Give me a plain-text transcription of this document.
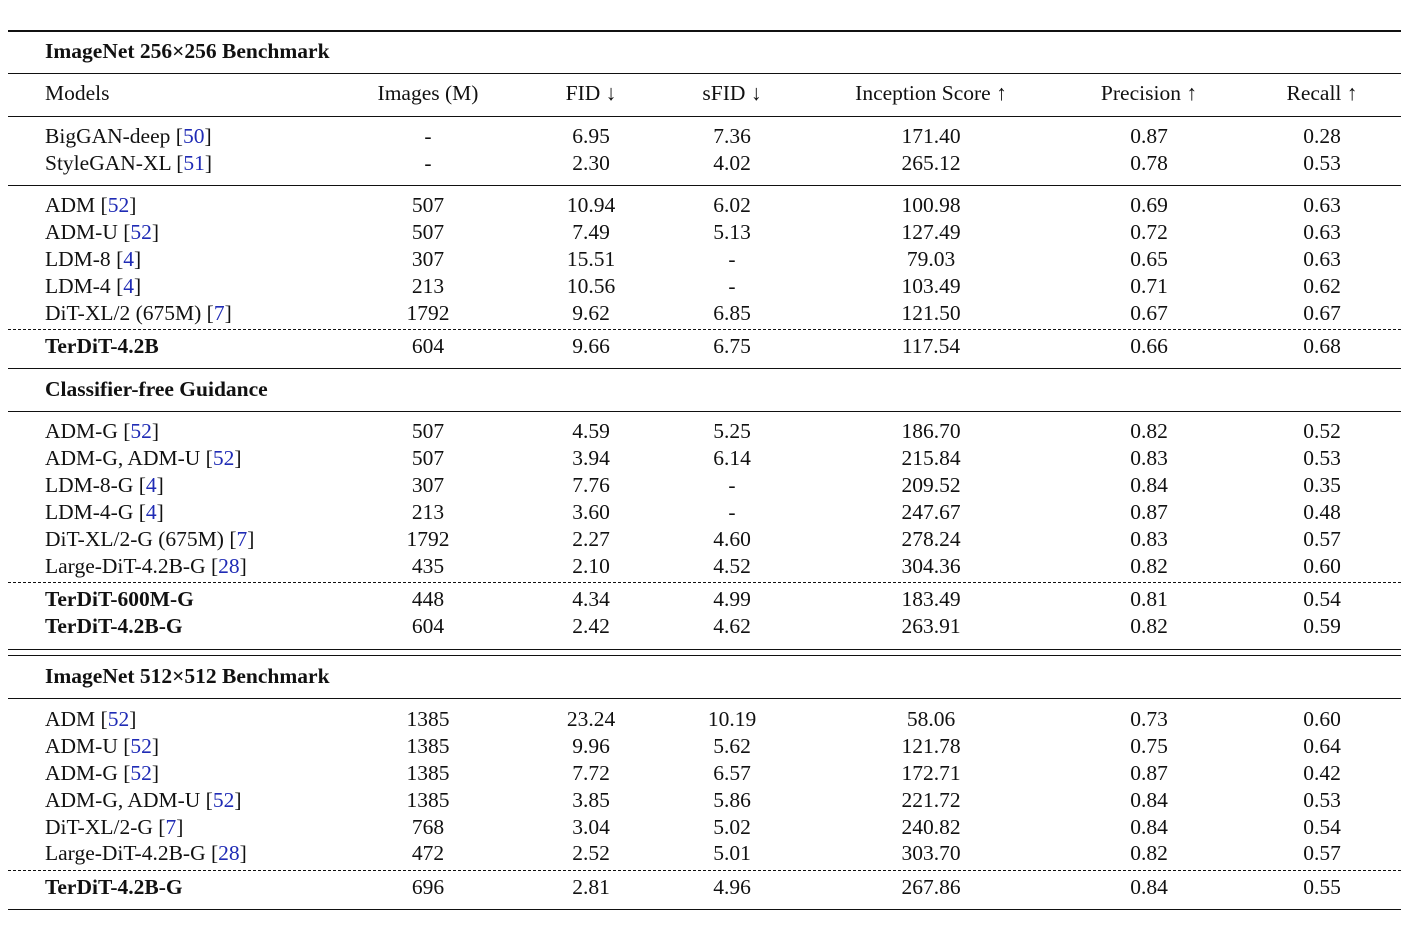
ImageNet 256×256 Benchmark
Models	Images (M)	FID ↓	sFID ↓	Inception Score ↑	Precision ↑	Recall ↑
BigGAN-deep [50]	-	6.95	7.36	171.40	0.87	0.28
StyleGAN-XL [51]	-	2.30	4.02	265.12	0.78	0.53
ADM [52]	507	10.94	6.02	100.98	0.69	0.63
ADM-U [52]	507	7.49	5.13	127.49	0.72	0.63
LDM-8 [4]	307	15.51	-	79.03	0.65	0.63
LDM-4 [4]	213	10.56	-	103.49	0.71	0.62
DiT-XL/2 (675M) [7]	1792	9.62	6.85	121.50	0.67	0.67
TerDiT-4.2B	604	9.66	6.75	117.54	0.66	0.68
Classifier-free Guidance
ADM-G [52]	507	4.59	5.25	186.70	0.82	0.52
ADM-G, ADM-U [52]	507	3.94	6.14	215.84	0.83	0.53
LDM-8-G [4]	307	7.76	-	209.52	0.84	0.35
LDM-4-G [4]	213	3.60	-	247.67	0.87	0.48
DiT-XL/2-G (675M) [7]	1792	2.27	4.60	278.24	0.83	0.57
Large-DiT-4.2B-G [28]	435	2.10	4.52	304.36	0.82	0.60
TerDiT-600M-G	448	4.34	4.99	183.49	0.81	0.54
TerDiT-4.2B-G	604	2.42	4.62	263.91	0.82	0.59
ImageNet 512×512 Benchmark
ADM [52]	1385	23.24	10.19	58.06	0.73	0.60
ADM-U [52]	1385	9.96	5.62	121.78	0.75	0.64
ADM-G [52]	1385	7.72	6.57	172.71	0.87	0.42
ADM-G, ADM-U [52]	1385	3.85	5.86	221.72	0.84	0.53
DiT-XL/2-G [7]	768	3.04	5.02	240.82	0.84	0.54
Large-DiT-4.2B-G [28]	472	2.52	5.01	303.70	0.82	0.57
TerDiT-4.2B-G	696	2.81	4.96	267.86	0.84	0.55
